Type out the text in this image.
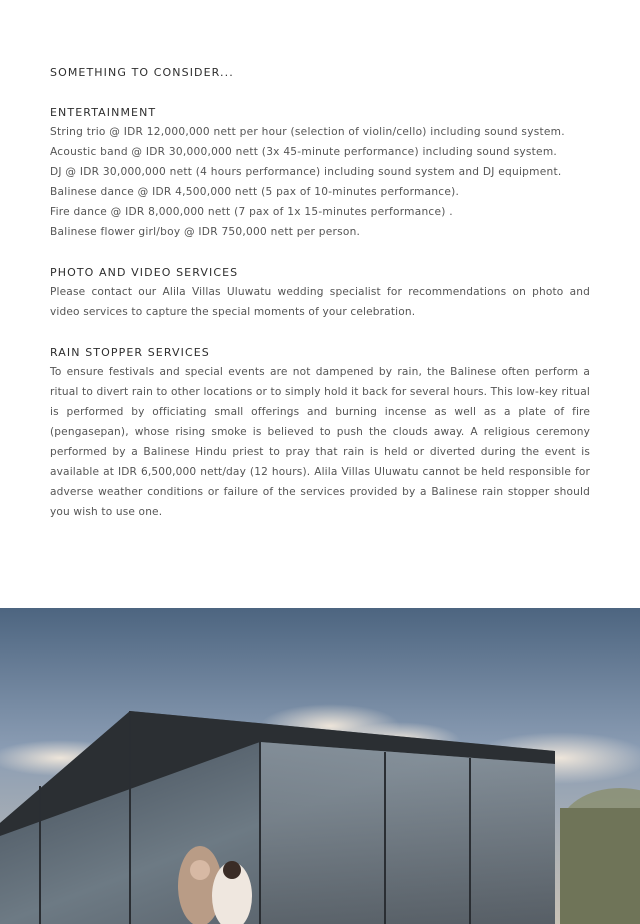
SOMETHING TO CONSIDER...

ENTERTAINMENT

String trio @ IDR 12,000,000 nett per hour (selection of violin/cello) including sound system.

Acoustic band @ IDR 30,000,000 nett (3x 45-minute performance) including sound system.

DJ @ IDR 30,000,000 nett (4 hours performance) including sound system and DJ equipment.

Balinese dance @ IDR 4,500,000 nett (5 pax of 10-minutes performance).

Fire dance @ IDR 8,000,000 nett (7 pax of 1x 15-minutes performance) .

Balinese flower girl/boy @ IDR 750,000 nett per person.

PHOTO AND VIDEO SERVICES

Please contact our Alila Villas Uluwatu wedding specialist for recommendations on photo and video services to capture the special moments of your celebration.

RAIN STOPPER SERVICES

To ensure festivals and special events are not dampened by rain, the Balinese often perform a ritual to divert rain to other locations or to simply hold it back for several hours. This low-key ritual is performed by officiating small offerings and burning incense as well as a plate of fire (pengasepan), whose rising smoke is believed to push the clouds away. A religious ceremony performed by a Balinese Hindu priest to pray that rain is held or diverted during the event is available at IDR 6,500,000 nett/day (12 hours). Alila Villas Uluwatu cannot be held responsible for adverse weather conditions or failure of the services provided by a Balinese rain stopper should you wish to use one.
